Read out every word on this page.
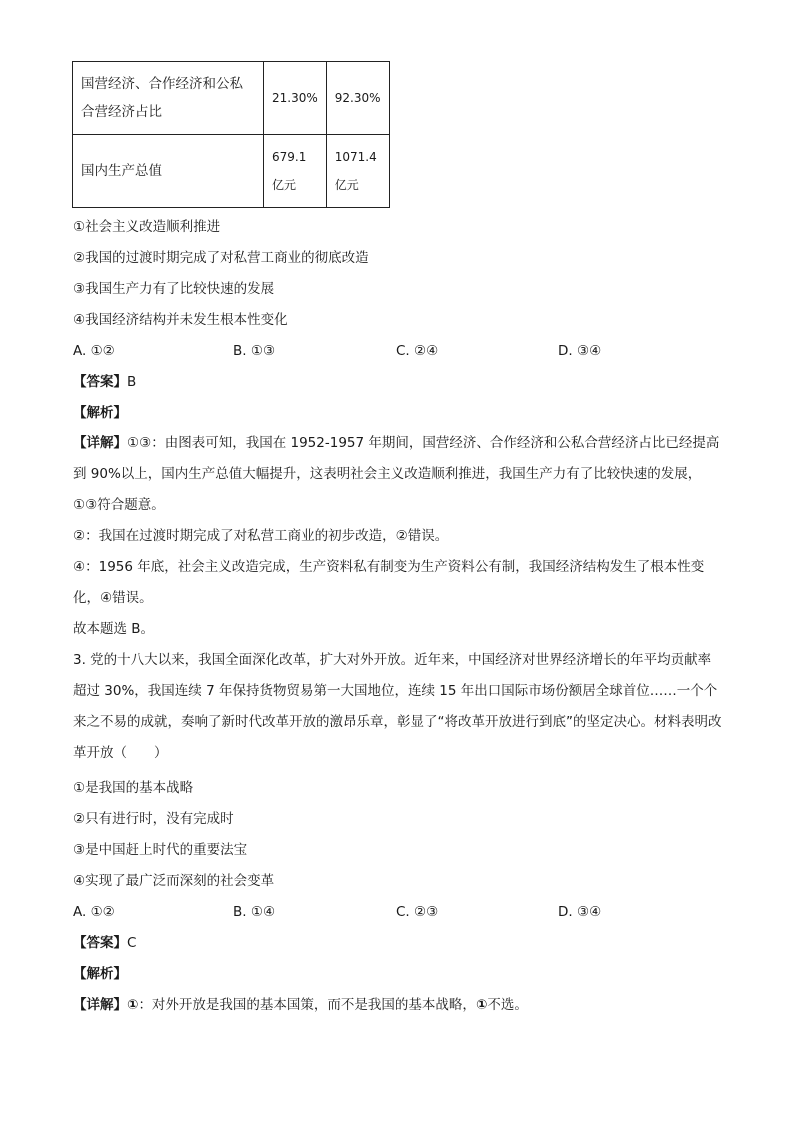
国营经济、合作经济和公私合营经济占比	21.30%	92.30%
国内生产总值	679.1亿元	1071.4亿元
①社会主义改造顺利推进
②我国的过渡时期完成了对私营工商业的彻底改造
③我国生产力有了比较快速的发展
④我国经济结构并未发生根本性变化
A. ①②	B. ①③	C. ②④	D. ③④
【答案】B
【解析】
【详解】①③：由图表可知，我国在 1952-1957 年期间，国营经济、合作经济和公私合营经济占比已经提高到 90%以上，国内生产总值大幅提升，这表明社会主义改造顺利推进，我国生产力有了比较快速的发展，①③符合题意。
②：我国在过渡时期完成了对私营工商业的初步改造，②错误。
④：1956 年底，社会主义改造完成，生产资料私有制变为生产资料公有制，我国经济结构发生了根本性变化，④错误。
故本题选 B。
3. 党的十八大以来，我国全面深化改革，扩大对外开放。近年来，中国经济对世界经济增长的年平均贡献率超过 30%，我国连续 7 年保持货物贸易第一大国地位，连续 15 年出口国际市场份额居全球首位……一个个来之不易的成就，奏响了新时代改革开放的激昂乐章，彰显了“将改革开放进行到底”的坚定决心。材料表明改革开放（　　）
①是我国的基本战略
②只有进行时，没有完成时
③是中国赶上时代的重要法宝
④实现了最广泛而深刻的社会变革
A. ①②	B. ①④	C. ②③	D. ③④
【答案】C
【解析】
【详解】①：对外开放是我国的基本国策，而不是我国的基本战略，①不选。
